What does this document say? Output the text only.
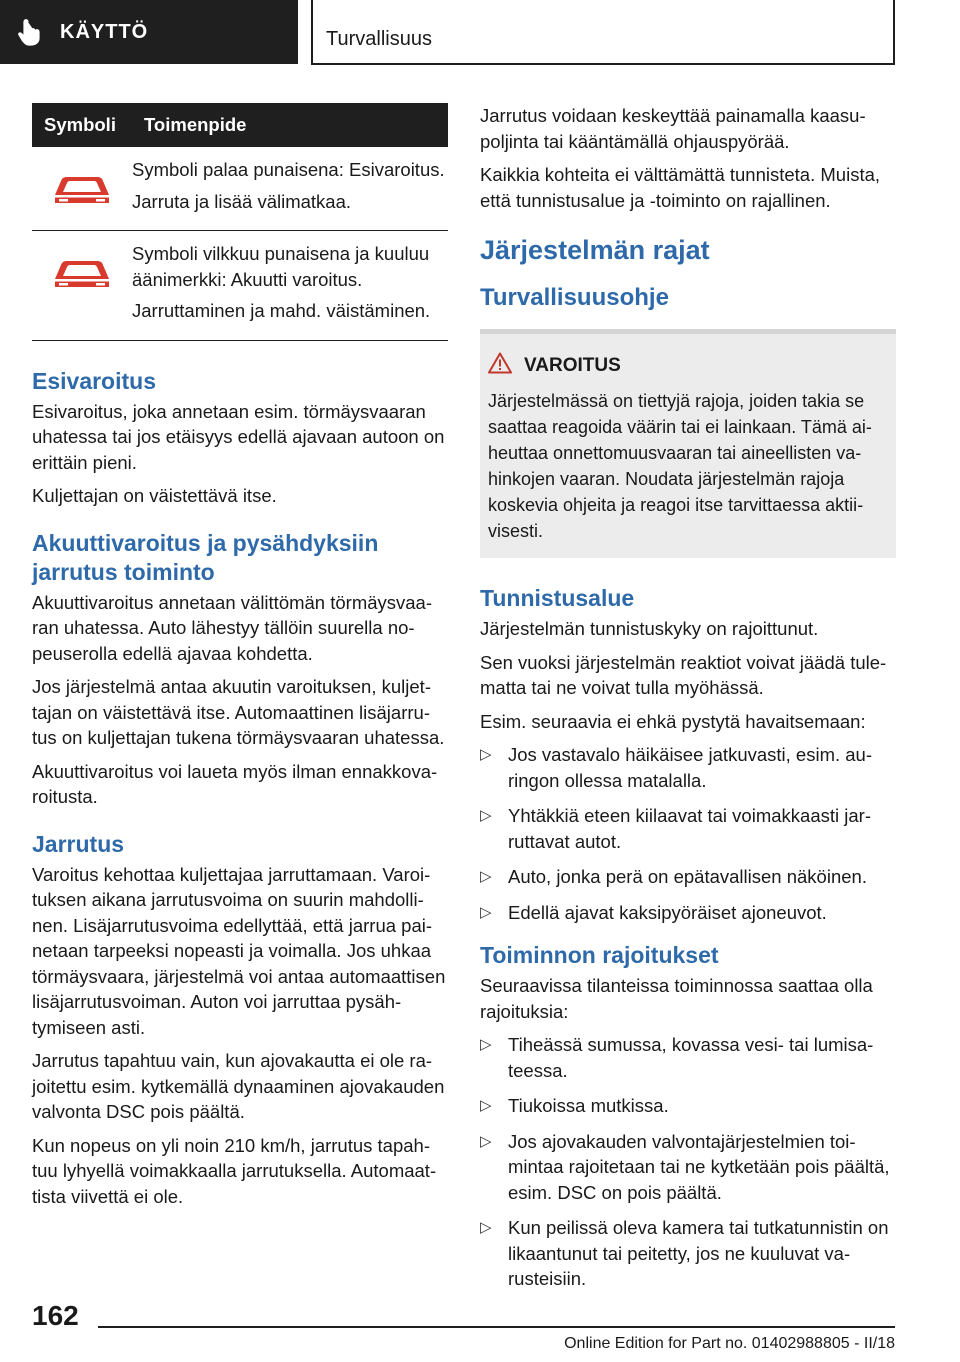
KÄYTTÖ	Turvallisuus
Symboli	Toimenpide

Symboli palaa punaisena: Esivaroitus.

Jarruta ja lisää välimatkaa.

Symboli vilkkuu punaisena ja kuuluu äänimerkki: Akuutti varoitus.

Jarruttaminen ja mahd. väistäminen.

Esivaroitus

Esivaroitus, joka annetaan esim. törmäysvaaran uhatessa tai jos etäisyys edellä ajavaan autoon on erittäin pieni.

Kuljettajan on väistettävä itse.

Akuuttivaroitus ja pysähdyksiin jarrutus toiminto

Akuuttivaroitus annetaan välittömän törmäysvaaran uhatessa. Auto lähestyy tällöin suurella nopeuserolla edellä ajavaa kohdetta.

Jos järjestelmä antaa akuutin varoituksen, kuljettajan on väistettävä itse. Automaattinen lisäjarrutus on kuljettajan tukena törmäysvaaran uhatessa.

Akuuttivaroitus voi laueta myös ilman ennakkovaroitusta.

Jarrutus

Varoitus kehottaa kuljettajaa jarruttamaan. Varoituksen aikana jarrutusvoima on suurin mahdollinen. Lisäjarrutusvoima edellyttää, että jarrua painetaan tarpeeksi nopeasti ja voimalla. Jos uhkaa törmäysvaara, järjestelmä voi antaa automaattisen lisäjarrutusvoiman. Auton voi jarruttaa pysähtymiseen asti.

Jarrutus tapahtuu vain, kun ajovakautta ei ole rajoitettu esim. kytkemällä dynaaminen ajovakauden valvonta DSC pois päältä.

Kun nopeus on yli noin 210 km/h, jarrutus tapahtuu lyhyellä voimakkaalla jarrutuksella. Automaattista viivettä ei ole.

Jarrutus voidaan keskeyttää painamalla kaasupoljinta tai kääntämällä ohjauspyörää.

Kaikkia kohteita ei välttämättä tunnisteta. Muista, että tunnistusalue ja -toiminto on rajallinen.

Järjestelmän rajat
Turvallisuusohje
VAROITUS

Järjestelmässä on tiettyjä rajoja, joiden takia se saattaa reagoida väärin tai ei lainkaan. Tämä aiheuttaa onnettomuusvaaran tai aineellisten vahinkojen vaaran. Noudata järjestelmän rajoja koskevia ohjeita ja reagoi itse tarvittaessa aktiivisesti.

Tunnistusalue

Järjestelmän tunnistuskyky on rajoittunut.

Sen vuoksi järjestelmän reaktiot voivat jäädä tulematta tai ne voivat tulla myöhässä.

Esim. seuraavia ei ehkä pystytä havaitsemaan:

▷ Jos vastavalo häikäisee jatkuvasti, esim. auringon ollessa matalalla.
▷ Yhtäkkiä eteen kiilaavat tai voimakkaasti jarruttavat autot.
▷ Auto, jonka perä on epätavallisen näköinen.
▷ Edellä ajavat kaksipyöräiset ajoneuvot.
Toiminnon rajoitukset

Seuraavissa tilanteissa toiminnossa saattaa olla rajoituksia:

▷ Tiheässä sumussa, kovassa vesi- tai lumisateessa.
▷ Tiukoissa mutkissa.
▷ Jos ajovakauden valvontajärjestelmien toimintaa rajoitetaan tai ne kytketään pois päältä, esim. DSC on pois päältä.
▷ Kun peilissä oleva kamera tai tutkatunnistin on likaantunut tai peitetty, jos ne kuuluvat varusteisiin.
162
Online Edition for Part no. 01402988805 - II/18
